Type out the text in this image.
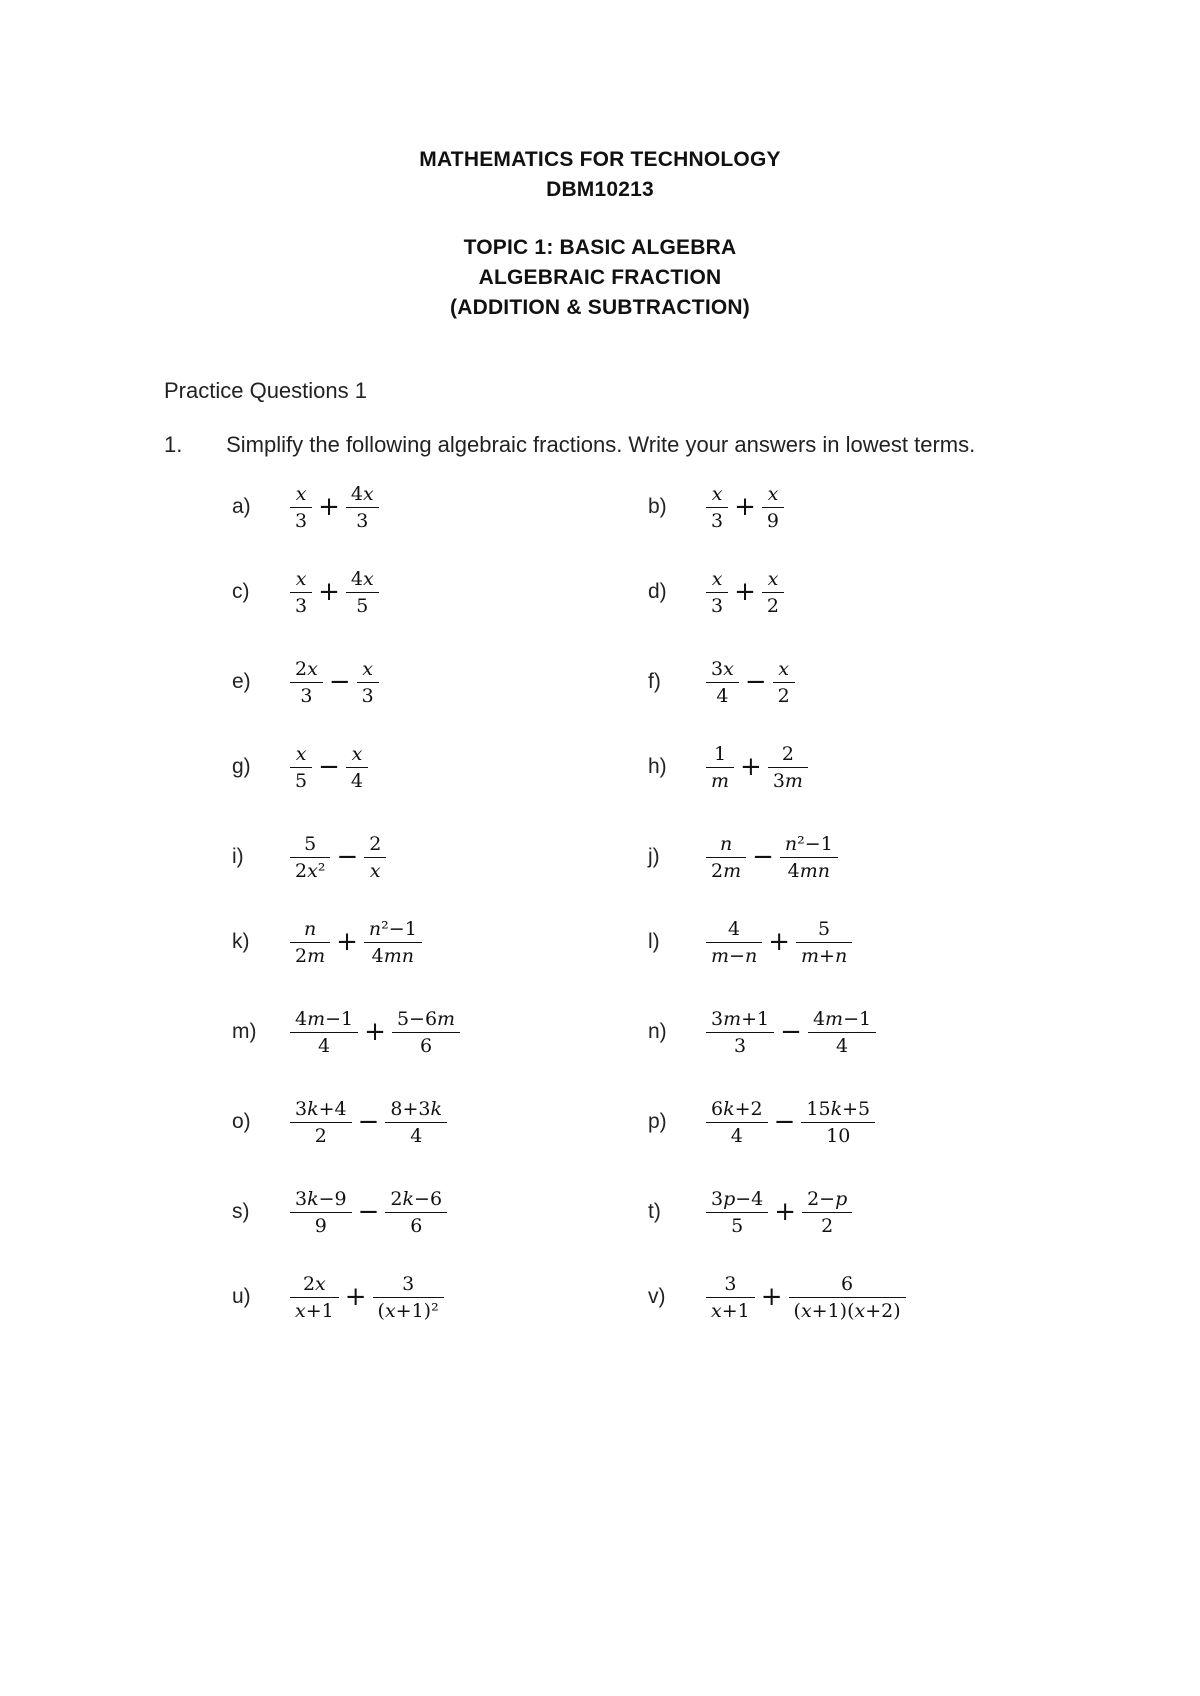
MATHEMATICS FOR TECHNOLOGY
DBM10213
TOPIC 1: BASIC ALGEBRA
ALGEBRAIC FRACTION
(ADDITION & SUBTRACTION)
Practice Questions 1
1. Simplify the following algebraic fractions. Write your answers in lowest terms.
a)	$\frac{x}{3} + \frac{4x}{3}$	b)	$\frac{x}{3} + \frac{x}{9}$
c)	$\frac{x}{3} + \frac{4x}{5}$	d)	$\frac{x}{3} + \frac{x}{2}$
e)	$\frac{2x}{3} - \frac{x}{3}$	f)	$\frac{3x}{4} - \frac{x}{2}$
g)	$\frac{x}{5} - \frac{x}{4}$	h)	$\frac{1}{m} + \frac{2}{3m}$
i)	$\frac{5}{\text{2x²}} - \frac{2}{x}$	j)	$\frac{n}{2m} - \frac{\text{n²−1}}{4mn}$
k)	$\frac{n}{2m} + \frac{\text{n²−1}}{4mn}$	l)	$\frac{4}{m-n} + \frac{5}{m+n}$
m)	$\frac{4m-1}{4} + \frac{5-6m}{6}$	n)	$\frac{3m+1}{3} - \frac{4m-1}{4}$
o)	$\frac{3k+4}{2} - \frac{8+3k}{4}$	p)	$\frac{6k+2}{4} - \frac{15k+5}{10}$
s)	$\frac{3k-9}{9} - \frac{2k-6}{6}$	t)	$\frac{3p-4}{5} + \frac{2-p}{2}$
u)	$\frac{2x}{x+1} + \frac{3}{\text{(x+1)²}}$	v)	$\frac{3}{x+1} + \frac{6}{(x+1)(x+2)}$
